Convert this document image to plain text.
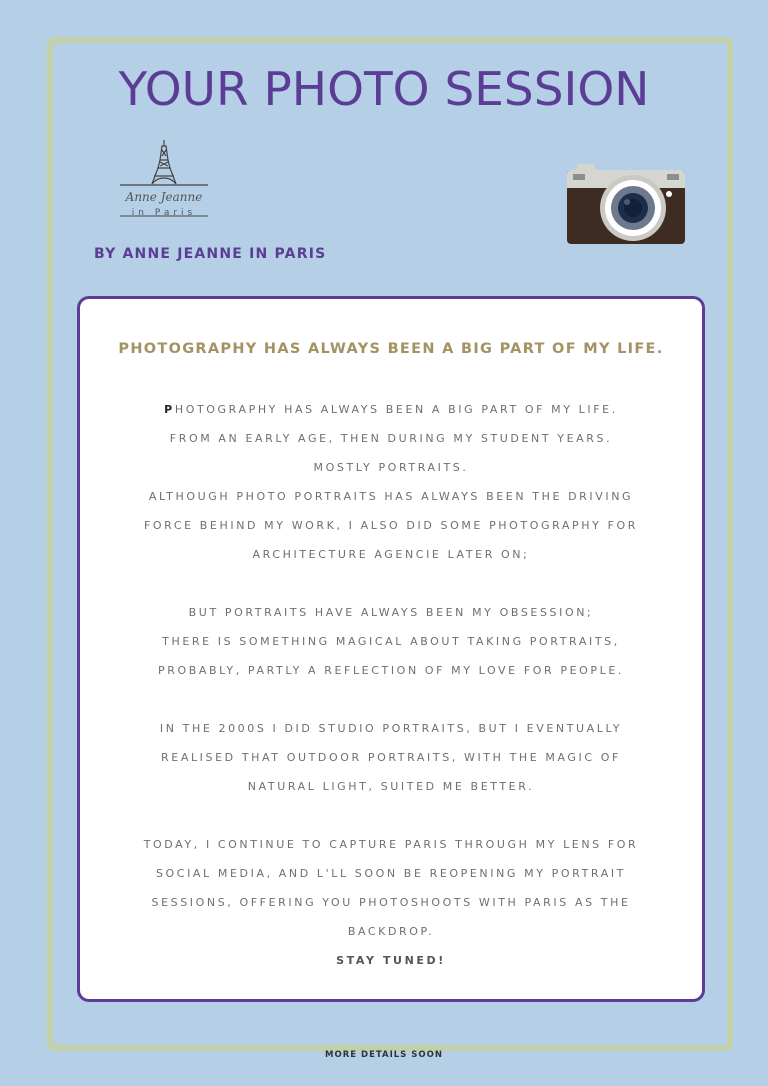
YOUR PHOTO SESSION
Anne Jeanne
in Paris

BY ANNE JEANNE IN PARIS

PHOTOGRAPHY HAS ALWAYS BEEN A BIG PART OF MY LIFE.
PHOTOGRAPHY HAS ALWAYS BEEN A BIG PART OF MY LIFE.
FROM AN EARLY AGE, THEN DURING MY STUDENT YEARS.
MOSTLY PORTRAITS.
ALTHOUGH PHOTO PORTRAITS HAS ALWAYS BEEN THE DRIVING
FORCE BEHIND MY WORK, I ALSO DID SOME PHOTOGRAPHY FOR
ARCHITECTURE AGENCIE LATER ON;
BUT PORTRAITS HAVE ALWAYS BEEN MY OBSESSION;
THERE IS SOMETHING MAGICAL ABOUT TAKING PORTRAITS,
PROBABLY, PARTLY A REFLECTION OF MY LOVE FOR PEOPLE.
IN THE 2000S I DID STUDIO PORTRAITS, BUT I EVENTUALLY
REALISED THAT OUTDOOR PORTRAITS, WITH THE MAGIC OF
NATURAL LIGHT, SUITED ME BETTER.
TODAY, I CONTINUE TO CAPTURE PARIS THROUGH MY LENS FOR
SOCIAL MEDIA, AND L'LL SOON BE REOPENING MY PORTRAIT
SESSIONS, OFFERING YOU PHOTOSHOOTS WITH PARIS AS THE
BACKDROP.
STAY TUNED!

MORE DETAILS SOON
